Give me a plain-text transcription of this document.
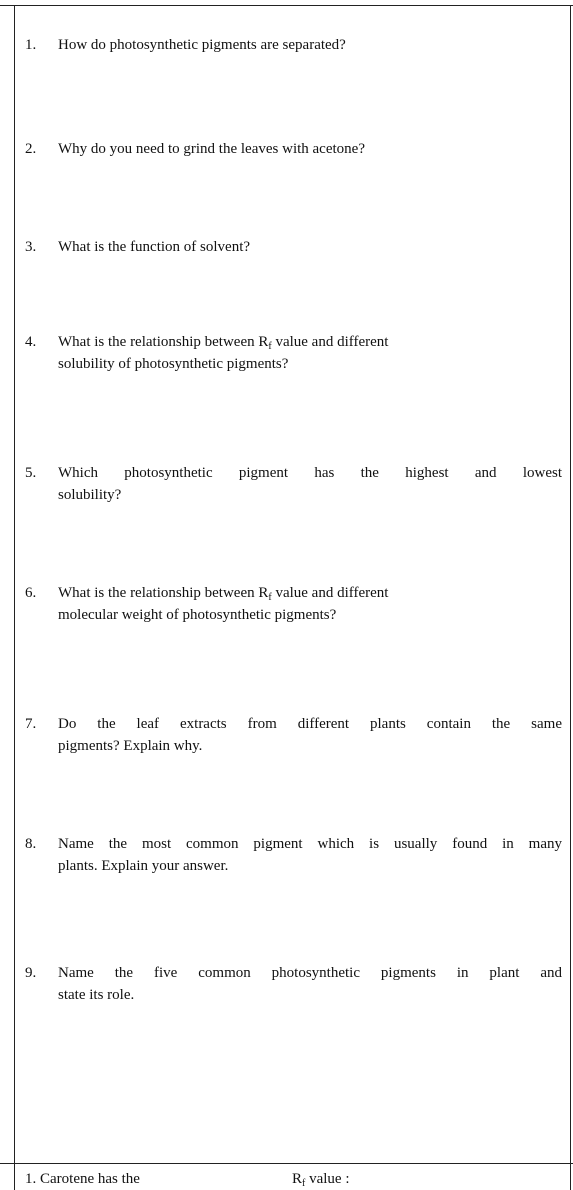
1.	How do photosynthetic pigments are separated?
2.	Why do you need to grind the leaves with acetone?
3.	What is the function of solvent?
4.	What is the relationship between $R_f$ value and different
solubility of photosynthetic pigments?
5.	Which photosynthetic pigment has the highest and lowest
solubility?
6.	What is the relationship between $R_f$ value and different
molecular weight of photosynthetic pigments?
7.	Do the leaf extracts from different plants contain the same
pigments? Explain why.
8.	Name the most common pigment which is usually found in many
plants. Explain your answer.
9.	Name the five common photosynthetic pigments in plant and
state its role.
1. Carotene has the	$R_f$ value :
